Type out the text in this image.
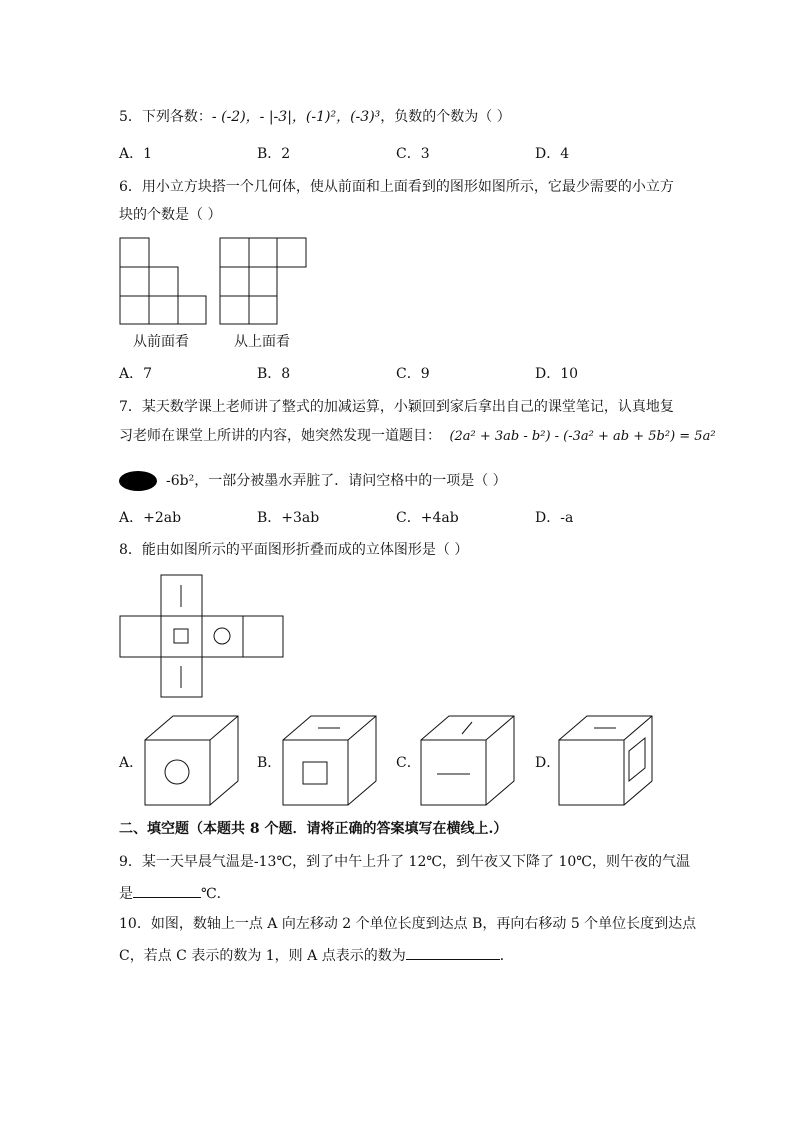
5．下列各数：- (-2)，- |-3|，(-1)²，(-3)³，负数的个数为（ ）
A．1	B．2	C．3	D．4
6．用小立方块搭一个几何体，使从前面和上面看到的图形如图所示，它最少需要的小立方
块的个数是（ ）
从前面看	从上面看
A．7	B．8	C．9	D．10
7．某天数学课上老师讲了整式的加减运算，小颖回到家后拿出自己的课堂笔记，认真地复
习老师在课堂上所讲的内容，她突然发现一道题目： (2a² + 3ab - b²) - (-3a² + ab + 5b²) = 5a²
-6b²，一部分被墨水弄脏了．请问空格中的一项是（ ）
A．+2ab	B．+3ab	C．+4ab	D．-a
8．能由如图所示的平面图形折叠而成的立体图形是（ ）
A．	B．	C．	D．
二、填空题（本题共 8 个题．请将正确的答案填写在横线上.）
9．某一天早晨气温是-13℃，到了中午上升了 12℃，到午夜又下降了 10℃，则午夜的气温
是	℃．
10．如图，数轴上一点 A 向左移动 2 个单位长度到达点 B，再向右移动 5 个单位长度到达点
C，若点 C 表示的数为 1，则 A 点表示的数为	．
